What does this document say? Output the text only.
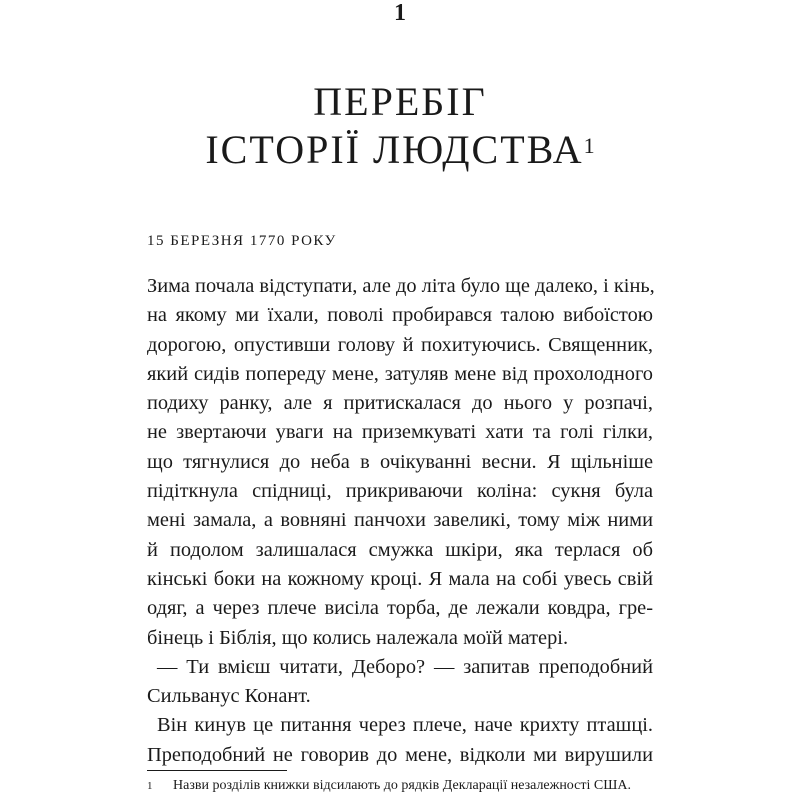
1
ПЕРЕБІГ
ІСТОРІЇ ЛЮДСТВА$^1$
15 БЕРЕЗНЯ 1770 РОКУ
Зима почала відступати, але до літа було ще далеко, і кінь,
на якому ми їхали, поволі пробирався талою вибоїстою
дорогою, опустивши голову й похитуючись. Священник,
який сидів попереду мене, затуляв мене від прохолодного
подиху ранку, але я притискалася до нього у розпачі,
не звертаючи уваги на приземкуваті хати та голі гілки,
що тягнулися до неба в очікуванні весни. Я щільніше
підіткнула спідниці, прикриваючи коліна: сукня була
мені замала, а вовняні панчохи завеликі, тому між ними
й подолом залишалася смужка шкіри, яка терлася об
кінські боки на кожному кроці. Я мала на собі увесь свій
одяг, а через плече висіла торба, де лежали ковдра, гре-
бінець і Біблія, що колись належала моїй матері.
— Ти вмієш читати, Деборо? — запитав преподобний
Сильванус Конант.
Він кинув це питання через плече, наче крихту пташці.
Преподобний не говорив до мене, відколи ми вирушили
1 Назви розділів книжки відсилають до рядків Декларації незалежності США.
